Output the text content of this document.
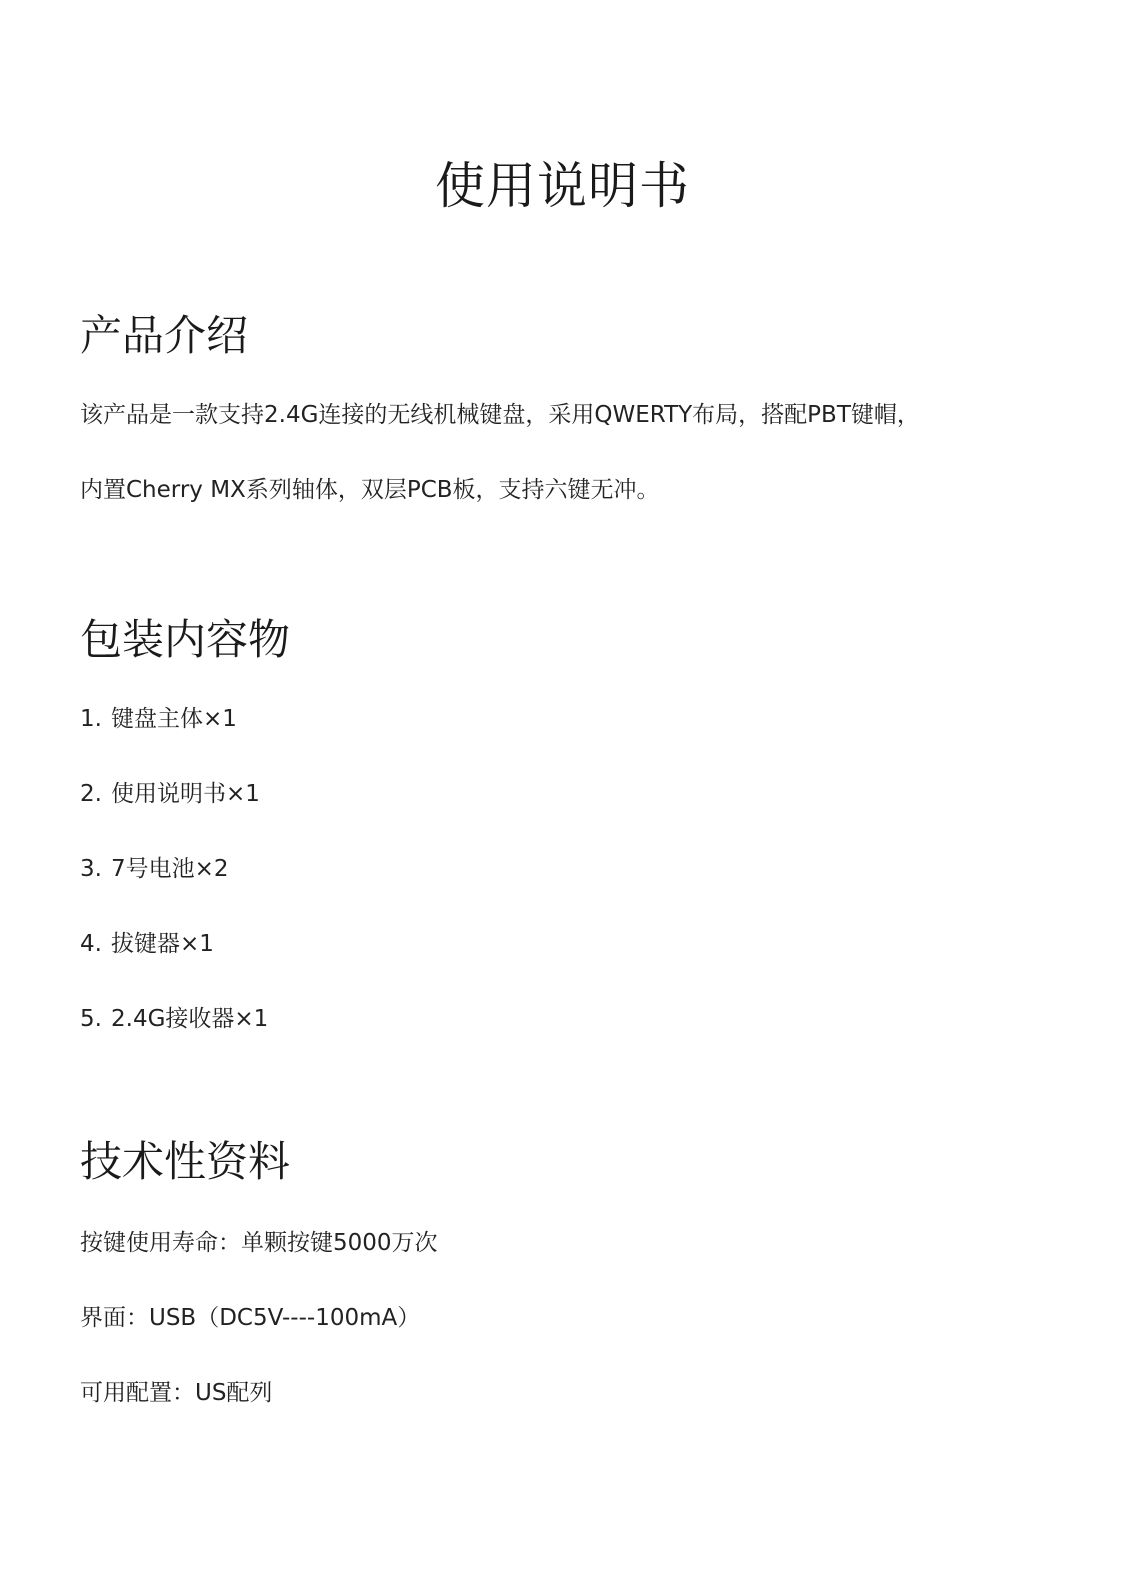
使用说明书
产品介绍

该产品是一款支持2.4G连接的无线机械键盘，采用QWERTY布局，搭配PBT键帽，

内置Cherry MX系列轴体，双层PCB板，支持六键无冲。

包装内容物

1. 键盘主体×1

2. 使用说明书×1

3. 7号电池×2

4. 拔键器×1

5. 2.4G接收器×1

技术性资料

按键使用寿命：单颗按键5000万次

界面：USB（DC5V----100mA）

可用配置：US配列
